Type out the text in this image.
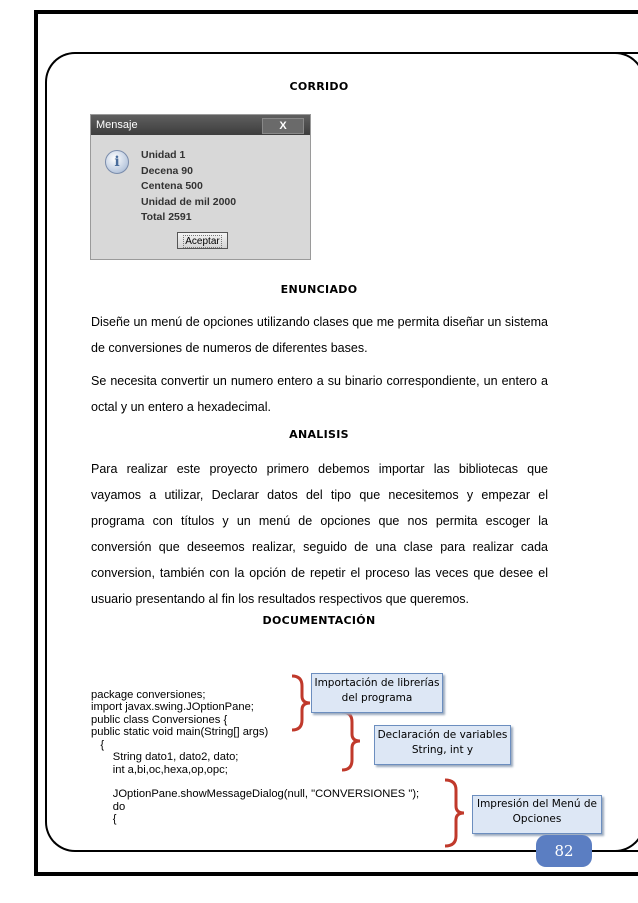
CORRIDO
Mensaje	X
i	Unidad 1
Decena 90
Centena 500
Unidad de mil 2000
Total 2591
Aceptar
ENUNCIADO

Diseñe un menú de opciones utilizando clases que me permita diseñar un sistema de conversiones de numeros de diferentes bases.

Se necesita convertir un numero entero a su binario correspondiente, un entero a octal y un entero a hexadecimal.

ANALISIS

Para realizar este proyecto primero debemos importar las bibliotecas que vayamos a utilizar, Declarar datos del tipo que necesitemos y empezar el programa con títulos y un menú de opciones que nos permita escoger la conversión que deseemos realizar, seguido de una clase para realizar cada conversion, también con la opción de repetir el proceso las veces que desee el usuario presentando al fin los resultados respectivos que queremos.

DOCUMENTACIÓN

package conversiones;
import javax.swing.JOptionPane;
public class Conversiones {
public static void main(String[] args)
{
String dato1, dato2, dato;
int a,bi,oc,hexa,op,opc;
JOptionPane.showMessageDialog(null, "CONVERSIONES ");
do
{

Importación de librerías del programa
Declaración de variables String, int y
Impresión del Menú de Opciones
82
